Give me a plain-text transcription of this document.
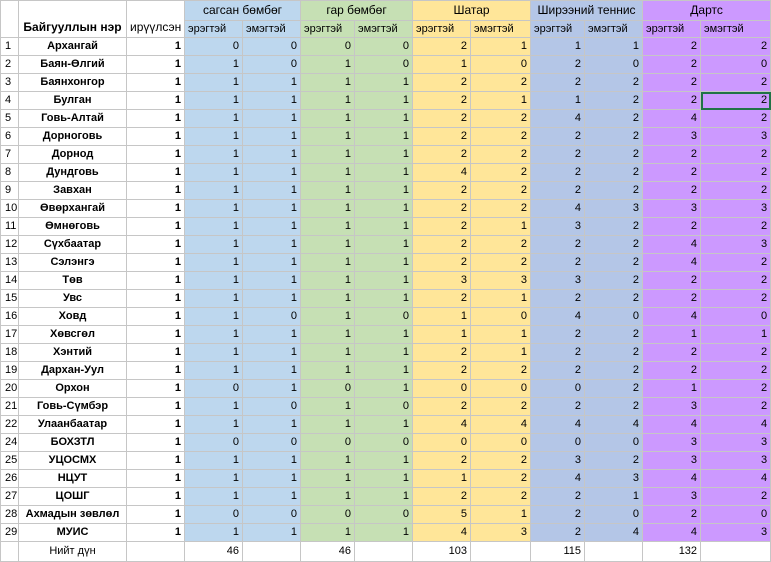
	Байгууллын нэр	ирүүлсэн	сагсан бөмбөг		гар бөмбөг		Шатар		Ширээний теннис		Дартс	
			эрэгтэй	эмэгтэй	эрэгтэй	эмэгтэй	эрэгтэй	эмэгтэй	эрэгтэй	эмэгтэй	эрэгтэй	эмэгтэй
1	Архангай	1	0	0	0	0	2	1	1	1	2	2
2	Баян-Өлгий	1	1	0	1	0	1	0	2	0	2	0
3	Баянхонгор	1	1	1	1	1	2	2	2	2	2	2
4	Булган	1	1	1	1	1	2	1	1	2	2	2
5	Говь-Алтай	1	1	1	1	1	2	2	4	2	4	2
6	Дорноговь	1	1	1	1	1	2	2	2	2	3	3
7	Дорнод	1	1	1	1	1	2	2	2	2	2	2
8	Дундговь	1	1	1	1	1	4	2	2	2	2	2
9	Завхан	1	1	1	1	1	2	2	2	2	2	2
10	Өвөрхангай	1	1	1	1	1	2	2	4	3	3	3
11	Өмнөговь	1	1	1	1	1	2	1	3	2	2	2
12	Сүхбаатар	1	1	1	1	1	2	2	2	2	4	3
13	Сэлэнгэ	1	1	1	1	1	2	2	2	2	4	2
14	Төв	1	1	1	1	1	3	3	3	2	2	2
15	Увс	1	1	1	1	1	2	1	2	2	2	2
16	Ховд	1	1	0	1	0	1	0	4	0	4	0
17	Хөвсгөл	1	1	1	1	1	1	1	2	2	1	1
18	Хэнтий	1	1	1	1	1	2	1	2	2	2	2
19	Дархан-Уул	1	1	1	1	1	2	2	2	2	2	2
20	Орхон	1	0	1	0	1	0	0	0	2	1	2
21	Говь-Сүмбэр	1	1	0	1	0	2	2	2	2	3	2
22	Улаанбаатар	1	1	1	1	1	4	4	4	4	4	4
24	БОХЗТЛ	1	0	0	0	0	0	0	0	0	3	3
25	УЦОСМХ	1	1	1	1	1	2	2	3	2	3	3
26	НЦУТ	1	1	1	1	1	1	2	4	3	4	4
27	ЦОШГ	1	1	1	1	1	2	2	2	1	3	2
28	Ахмадын зөвлөл	1	0	0	0	0	5	1	2	0	2	0
29	МУИС	1	1	1	1	1	4	3	2	4	4	3
	Нийт дүн		46		46		103		115		132	
